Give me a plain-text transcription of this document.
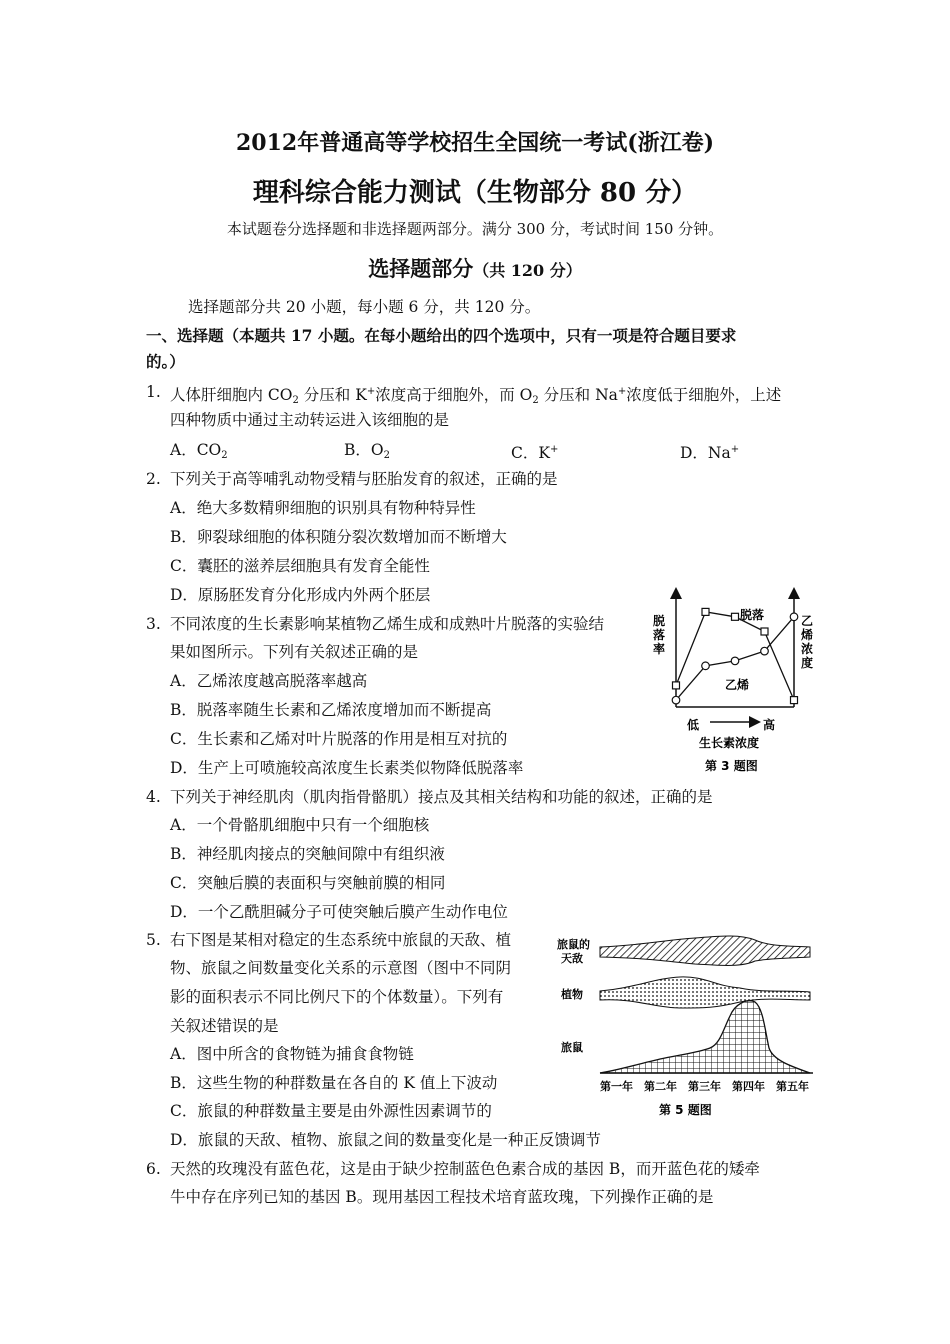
2012年普通高等学校招生全国统一考试(浙江卷)
理科综合能力测试（生物部分 80 分）
本试题卷分选择题和非选择题两部分。满分 300 分，考试时间 150 分钟。
选择题部分（共 120 分）
选择题部分共 20 小题，每小题 6 分，共 120 分。
一、选择题（本题共 17 小题。在每小题给出的四个选项中，只有一项是符合题目要求
的。）
1. 人体肝细胞内 $CO_2$ 分压和 K+浓度高于细胞外，而 $O_2$ 分压和 Na+浓度低于细胞外，上述
四种物质中通过主动转运进入该细胞的是
A．$CO_2$	B．$O_2$	C．K+	D．Na+
2. 下列关于高等哺乳动物受精与胚胎发育的叙述，正确的是
A．绝大多数精卵细胞的识别具有物种特异性
B．卵裂球细胞的体积随分裂次数增加而不断增大
C．囊胚的滋养层细胞具有发育全能性
D．原肠胚发育分化形成内外两个胚层
3. 不同浓度的生长素影响某植物乙烯生成和成熟叶片脱落的实验结
果如图所示。下列有关叙述正确的是
A．乙烯浓度越高脱落率越高
B．脱落率随生长素和乙烯浓度增加而不断提高
C．生长素和乙烯对叶片脱落的作用是相互对抗的
D．生产上可喷施较高浓度生长素类似物降低脱落率
脱落率
乙烯浓度
脱落
乙烯
低	高
生长素浓度
第 3 题图
4. 下列关于神经肌肉（肌肉指骨骼肌）接点及其相关结构和功能的叙述，正确的是
A．一个骨骼肌细胞中只有一个细胞核
B．神经肌肉接点的突触间隙中有组织液
C．突触后膜的表面积与突触前膜的相同
D．一个乙酰胆碱分子可使突触后膜产生动作电位
5. 右下图是某相对稳定的生态系统中旅鼠的天敌、植
物、旅鼠之间数量变化关系的示意图（图中不同阴
影的面积表示不同比例尺下的个体数量）。下列有
关叙述错误的是
A．图中所含的食物链为捕食食物链
B．这些生物的种群数量在各自的 K 值上下波动
C．旅鼠的种群数量主要是由外源性因素调节的
D．旅鼠的天敌、植物、旅鼠之间的数量变化是一种正反馈调节
旅鼠的
天敌
植物
旅鼠
第一年 第二年 第三年 第四年 第五年
第 5 题图
6. 天然的玫瑰没有蓝色花，这是由于缺少控制蓝色色素合成的基因 B，而开蓝色花的矮牵
牛中存在序列已知的基因 B。现用基因工程技术培育蓝玫瑰，下列操作正确的是
